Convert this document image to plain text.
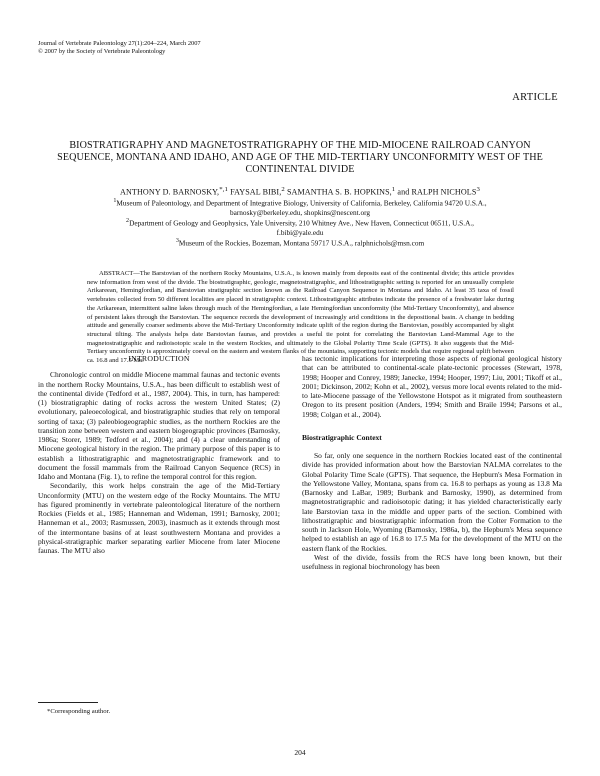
Journal of Vertebrate Paleontology 27(1):204–224, March 2007
© 2007 by the Society of Vertebrate Paleontology
ARTICLE
BIOSTRATIGRAPHY AND MAGNETOSTRATIGRAPHY OF THE MID-MIOCENE RAILROAD CANYON SEQUENCE, MONTANA AND IDAHO, AND AGE OF THE MID-TERTIARY UNCONFORMITY WEST OF THE CONTINENTAL DIVIDE
ANTHONY D. BARNOSKY,$^{*,1}$ FAYSAL BIBI,$^2$ SAMANTHA S. B. HOPKINS,$^1$ and RALPH NICHOLS$^3$
$^1$Museum of Paleontology, and Department of Integrative Biology, University of California, Berkeley, California 94720 U.S.A.,
barnosky@berkeley.edu, shopkins@nescent.org
$^2$Department of Geology and Geophysics, Yale University, 210 Whitney Ave., New Haven, Connecticut 06511, U.S.A.,
f.bibi@yale.edu
$^3$Museum of the Rockies, Bozeman, Montana 59717 U.S.A., ralphnichols@msn.com

ABSTRACT—The Barstovian of the northern Rocky Mountains, U.S.A., is known mainly from deposits east of the continental divide; this article provides new information from west of the divide. The biostratigraphic, geologic, magnetostratigraphic, and lithostratigraphic setting is reported for an unusually complete Arikareean, Hemingfordian, and Barstovian stratigraphic section known as the Railroad Canyon Sequence in Montana and Idaho. At least 35 taxa of fossil vertebrates collected from 50 different localities are placed in stratigraphic context. Lithostratigraphic attributes indicate the presence of a freshwater lake during the Arikareean, intermittent saline lakes through much of the Hemingfordian, a late Hemingfordian unconformity (the Mid-Tertiary Unconformity), and absence of persistent lakes through the Barstovian. The sequence records the development of increasingly arid conditions in the depositional basin. A change in bedding attitude and generally coarser sediments above the Mid-Tertiary Unconformity indicate uplift of the region during the Barstovian, possibly accompanied by slight structural tilting. The analysis helps date Barstovian faunas, and provides a useful tie point for correlating the Barstovian Land-Mammal Age to the magnetostratigraphic and radioisotopic scale in the western Rockies, and ultimately to the Global Polarity Time Scale (GPTS). It also suggests that the Mid-Tertiary unconformity is approximately coeval on the eastern and western flanks of the mountains, supporting tectonic models that require regional uplift between ca. 16.8 and 17.5 Ma.

INTRODUCTION

Chronologic control on middle Miocene mammal faunas and tectonic events in the northern Rocky Mountains, U.S.A., has been difficult to establish west of the continental divide (Tedford et al., 1987, 2004). This, in turn, has hampered: (1) biostratigraphic dating of rocks across the western United States; (2) evolutionary, paleoecological, and biostratigraphic studies that rely on temporal sorting of taxa; (3) paleobiogeographic studies, as the northern Rockies are the transition zone between western and eastern biogeographic provinces (Barnosky, 1986a; Storer, 1989; Tedford et al., 2004); and (4) a clear understanding of Miocene geological history in the region. The primary purpose of this paper is to establish a lithostratigraphic and magnetostratigraphic framework and to document the fossil mammals from the Railroad Canyon Sequence (RCS) in Idaho and Montana (Fig. 1), to refine the temporal control for this region.

Secondarily, this work helps constrain the age of the Mid-Tertiary Unconformity (MTU) on the western edge of the Rocky Mountains. The MTU has figured prominently in vertebrate paleontological literature of the northern Rockies (Fields et al., 1985; Hanneman and Wideman, 1991; Barnosky, 2001; Hanneman et al., 2003; Rasmussen, 2003), inasmuch as it extends through most of the intermontane basins of at least southwestern Montana and provides a physical-stratigraphic marker separating earlier Miocene from later Miocene faunas. The MTU also

has tectonic implications for interpreting those aspects of regional geological history that can be attributed to continental-scale plate-tectonic processes (Stewart, 1978, 1998; Hooper and Conrey, 1989; Janecke, 1994; Hooper, 1997; Liu, 2001; Tikoff et al., 2001; Dickinson, 2002; Kohn et al., 2002), versus more local events related to the mid- to late-Miocene passage of the Yellowstone Hotspot as it migrated from southeastern Oregon to its present position (Anders, 1994; Smith and Braile 1994; Parsons et al., 1998; Colgan et al., 2004).

Biostratigraphic Context

So far, only one sequence in the northern Rockies located east of the continental divide has provided information about how the Barstovian NALMA correlates to the Global Polarity Time Scale (GPTS). That sequence, the Hepburn's Mesa Formation in the Yellowstone Valley, Montana, spans from ca. 16.8 to perhaps as young as 13.8 Ma (Barnosky and LaBar, 1989; Burbank and Barnosky, 1990), as determined from magnetostratigraphic and radioisotopic dating; it has yielded characteristically early late Barstovian taxa in the middle and upper parts of the section. Combined with lithostratigraphic and biostratigraphic information from the Colter Formation to the south in Jackson Hole, Wyoming (Barnosky, 1986a, b), the Hepburn's Mesa sequence helped to establish an age of 16.8 to 17.5 Ma for the development of the MTU on the eastern flank of the Rockies.

West of the divide, fossils from the RCS have long been known, but their usefulness in regional biochronology has been

*Corresponding author.
204
